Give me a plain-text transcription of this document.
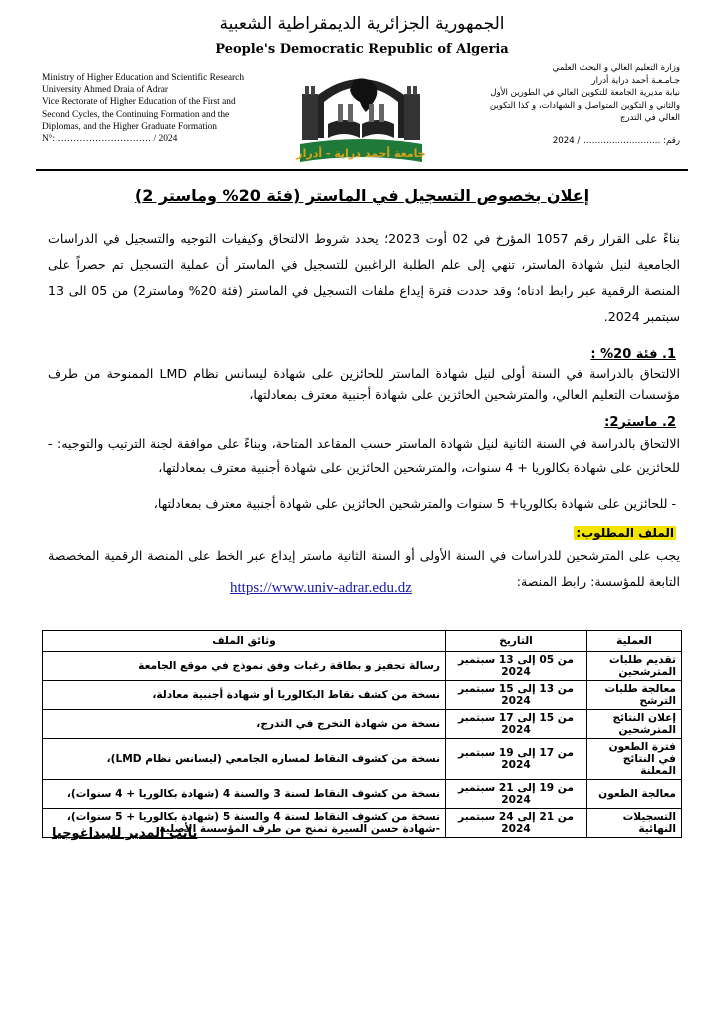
الجمهورية الجزائرية الديمقراطية الشعبية
People's Democratic Republic of Algeria
Ministry of Higher Education and Scientific Research
University Ahmed Draia of Adrar
Vice Rectorate of Higher Education of the First and
Second Cycles, the Continuing Formation and the
Diplomas, and the Higher Graduate Formation
N°: ………………………… / 2024
وزارة التعليم العالي و البحث العلمي
جـامـعـة أحمد دراية أدرار
نيابة مديرية الجامعة للتكوين العالي في الطورين الأول
والثاني و التكوين المتواصل و الشهادات، و كذا التكوين
العالي في التدرج
رقم: ……………………… / 2024
جامعة أحمد دراية - أدرار
إعلان بخصوص التسجيل في الماستر (فئة 20% وماستر 2)
بناءً على القرار رقم 1057 المؤرخ في 02 أوت 2023؛ يحدد شروط الالتحاق وكيفيات التوجيه والتسجيل في الدراسات الجامعية لنيل شهادة الماستر، تنهي إلى علم الطلبة الراغبين للتسجيل في الماستر أن عملية التسجيل تم حصراً على المنصة الرقمية عبر رابط ادناه؛ وقد حددت فترة إيداع ملفات التسجيل في الماستر (فئة 20% وماستر2) من 05 الى 13 سبتمبر 2024.
1. فئة 20% :
الالتحاق بالدراسة في السنة أولى لنيل شهادة الماستر للحائزين على شهادة ليسانس نظام LMD الممنوحة من طرف مؤسسات التعليم العالي، والمترشحين الحائزين على شهادة أجنبية معترف بمعادلتها،
2. ماستر2:
الالتحاق بالدراسة في السنة الثانية لنيل شهادة الماستر حسب المقاعد المتاحة، وبناءً على موافقة لجنة الترتيب والتوجيه: - للحائزين على شهادة بكالوريا + 4 سنوات، والمترشحين الحائزين على شهادة أجنبية معترف بمعادلتها،
- للحائزين على شهادة بكالوريا+ 5 سنوات والمترشحين الحائزين على شهادة أجنبية معترف بمعادلتها،
الملف المطلوب:
يجب على المترشحين للدراسات في السنة الأولى أو السنة الثانية ماستر إيداع عبر الخط على المنصة الرقمية المخصصة التابعة للمؤسسة: رابط المنصة:
https://www.univ-adrar.edu.dz
العملية	التاريخ	وثائق الملف
تقديم طلبات المترشحين	من 05 إلى 13 سبتمبر 2024	رسالة تحفيز و بطاقة رغبات وفق نموذج في موقع الجامعة
معالجة طلبات الترشح	من 13 إلى 15 سبتمبر 2024	نسخة من كشف نقاط البكالوريا أو شهادة أجنبية معادلة،
إعلان النتائج المترشحين	من 15 إلى 17 سبتمبر 2024	نسخة من شهادة التخرج في التدرج،
فترة الطعون في النتائج المعلنة	من 17 إلى 19 سبتمبر 2024	نسخة من كشوف النقاط لمساره الجامعي (ليسانس نظام LMD)،
معالجة الطعون	من 19 إلى 21 سبتمبر 2024	نسخة من كشوف النقاط لسنة 3 والسنة 4 (شهادة بكالوريا + 4 سنوات)،
التسجيلات النهائية	من 21 إلى 24 سبتمبر 2024	نسخة من كشوف النقاط لسنة 4 والسنة 5 (شهادة بكالوريا + 5 سنوات)،
-شهادة حسن السيرة تمنح من طرف المؤسسة الأصلية
نائب المدير للبيداغوجيا
